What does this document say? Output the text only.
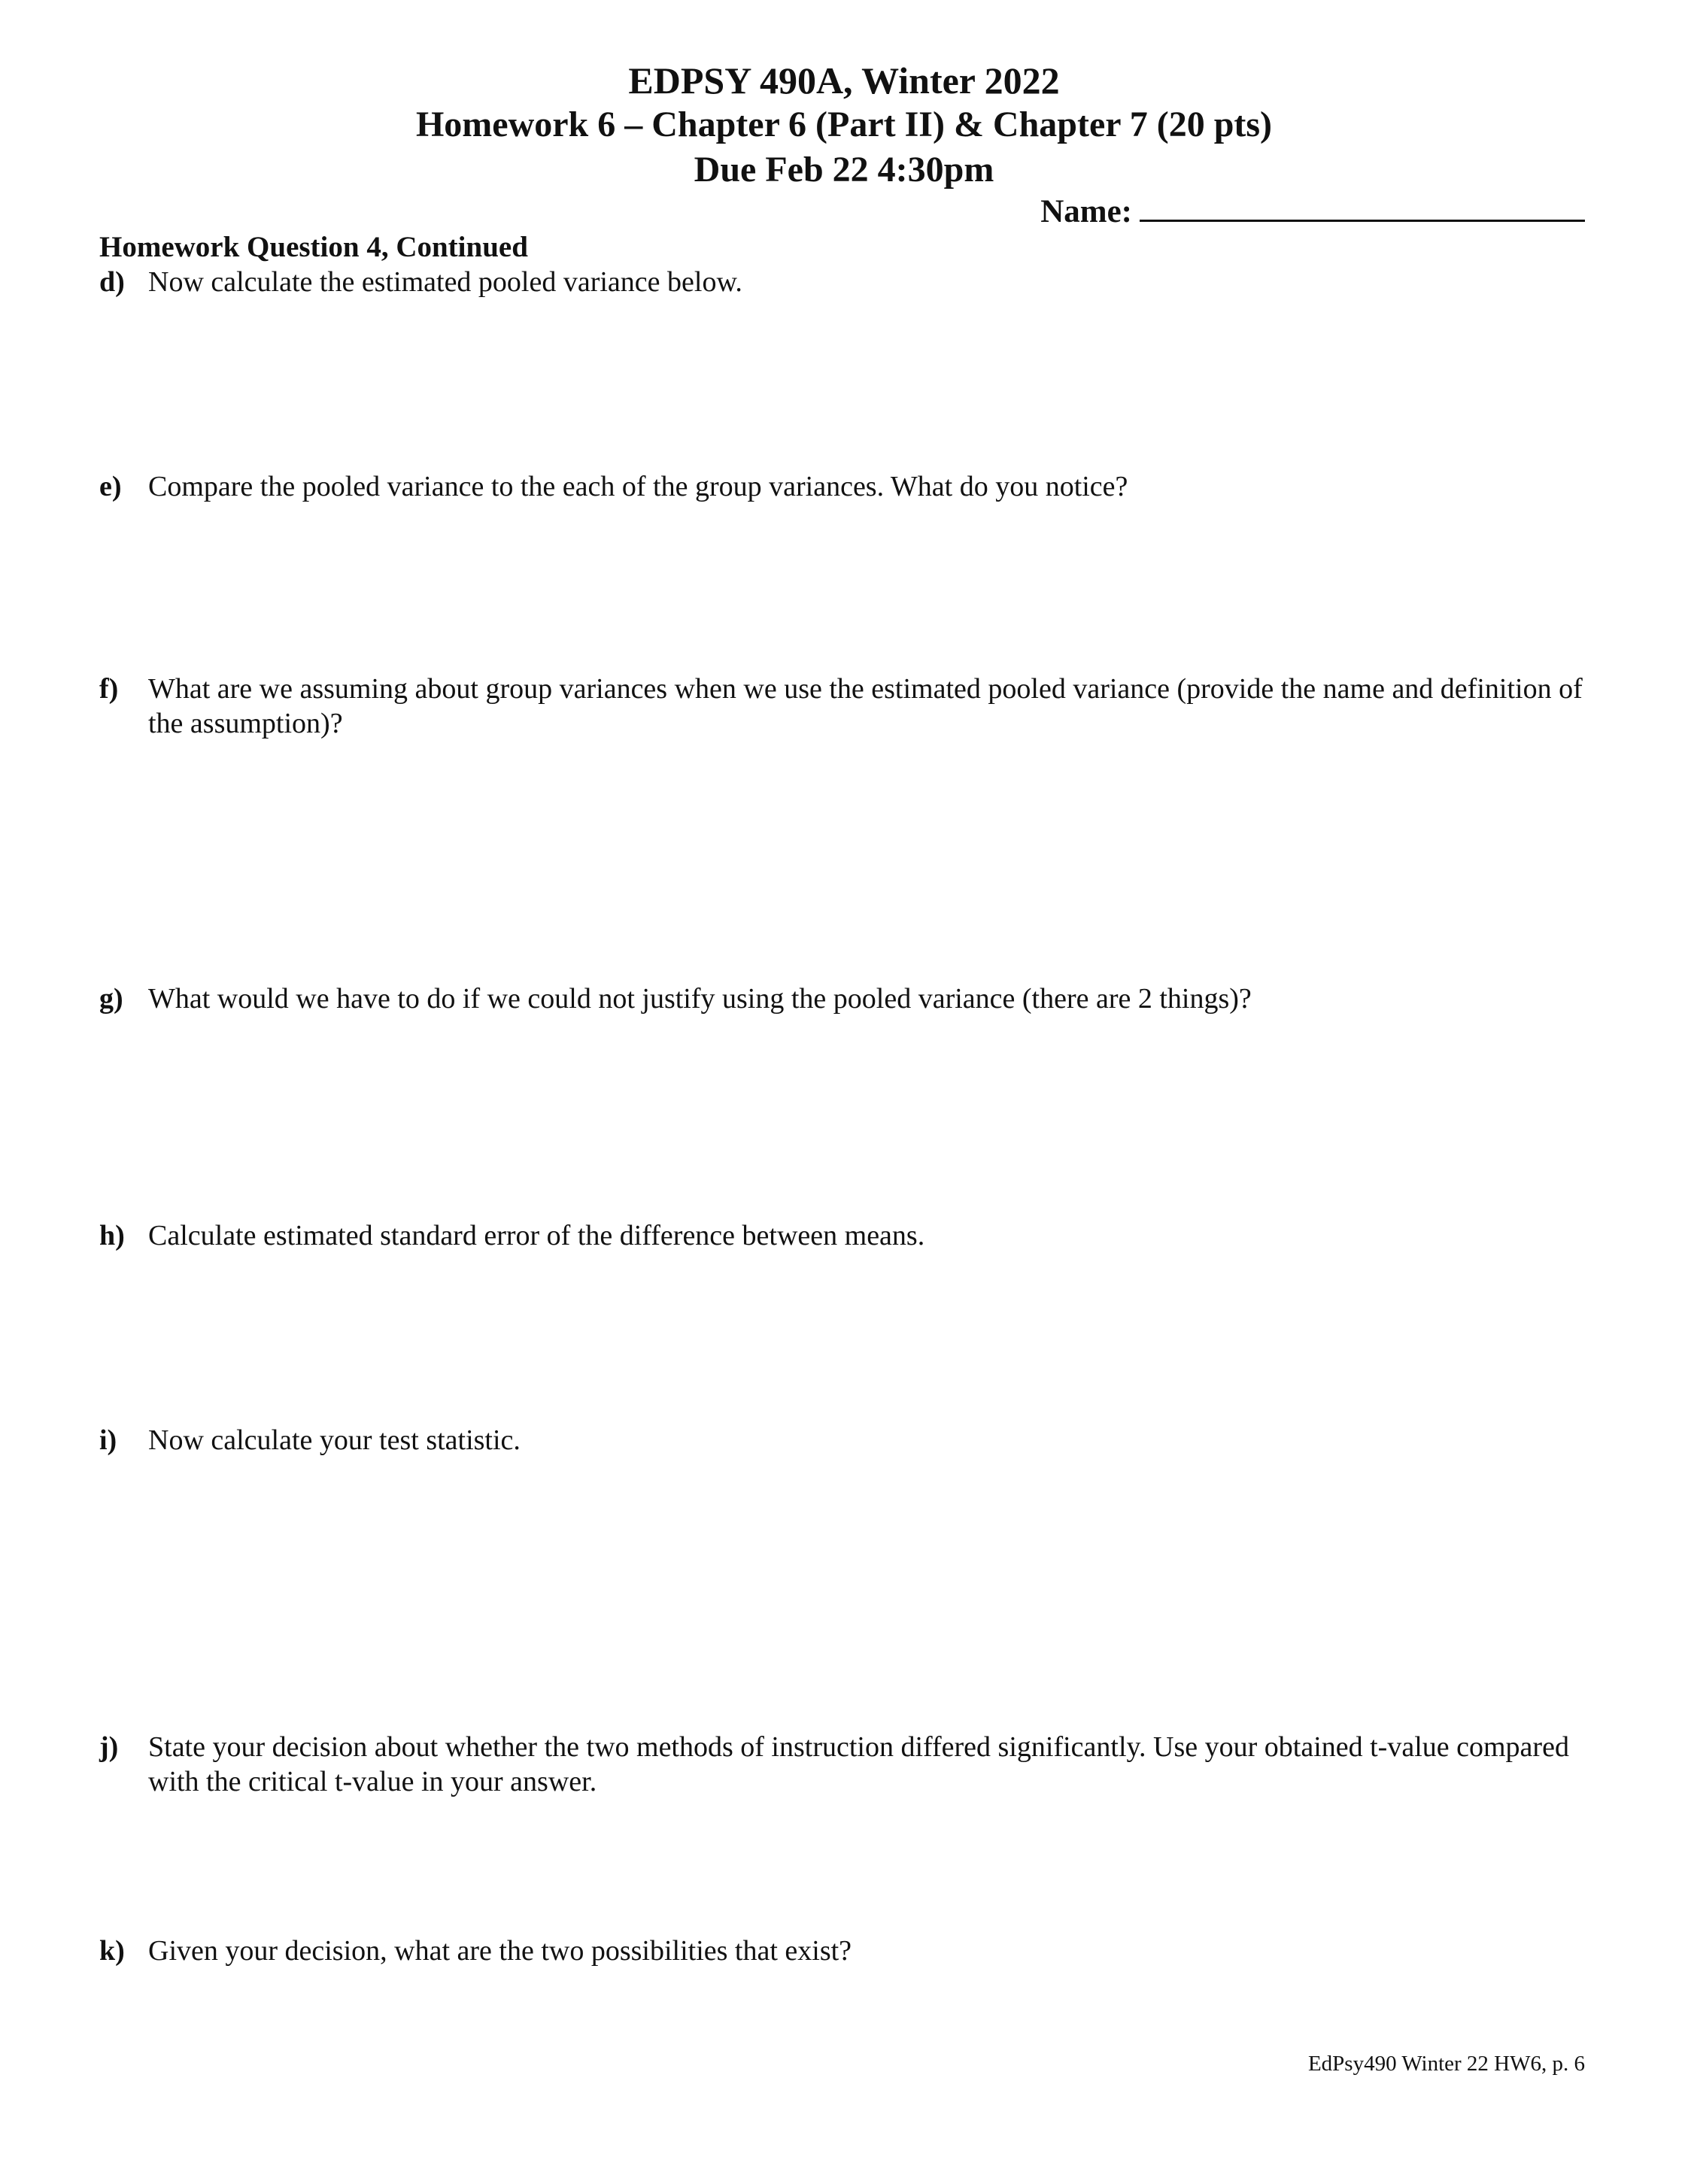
EDPSY 490A, Winter 2022
Homework 6 – Chapter 6 (Part II) & Chapter 7 (20 pts)
Due Feb 22 4:30pm
Name:
Homework Question 4, Continued
d) Now calculate the estimated pooled variance below.
e) Compare the pooled variance to the each of the group variances. What do you notice?
f) What are we assuming about group variances when we use the estimated pooled variance (provide the name and definition of the assumption)?
g) What would we have to do if we could not justify using the pooled variance (there are 2 things)?
h) Calculate estimated standard error of the difference between means.
i) Now calculate your test statistic.
j) State your decision about whether the two methods of instruction differed significantly. Use your obtained t-value compared with the critical t-value in your answer.
k) Given your decision, what are the two possibilities that exist?
EdPsy490 Winter 22 HW6, p. 6
